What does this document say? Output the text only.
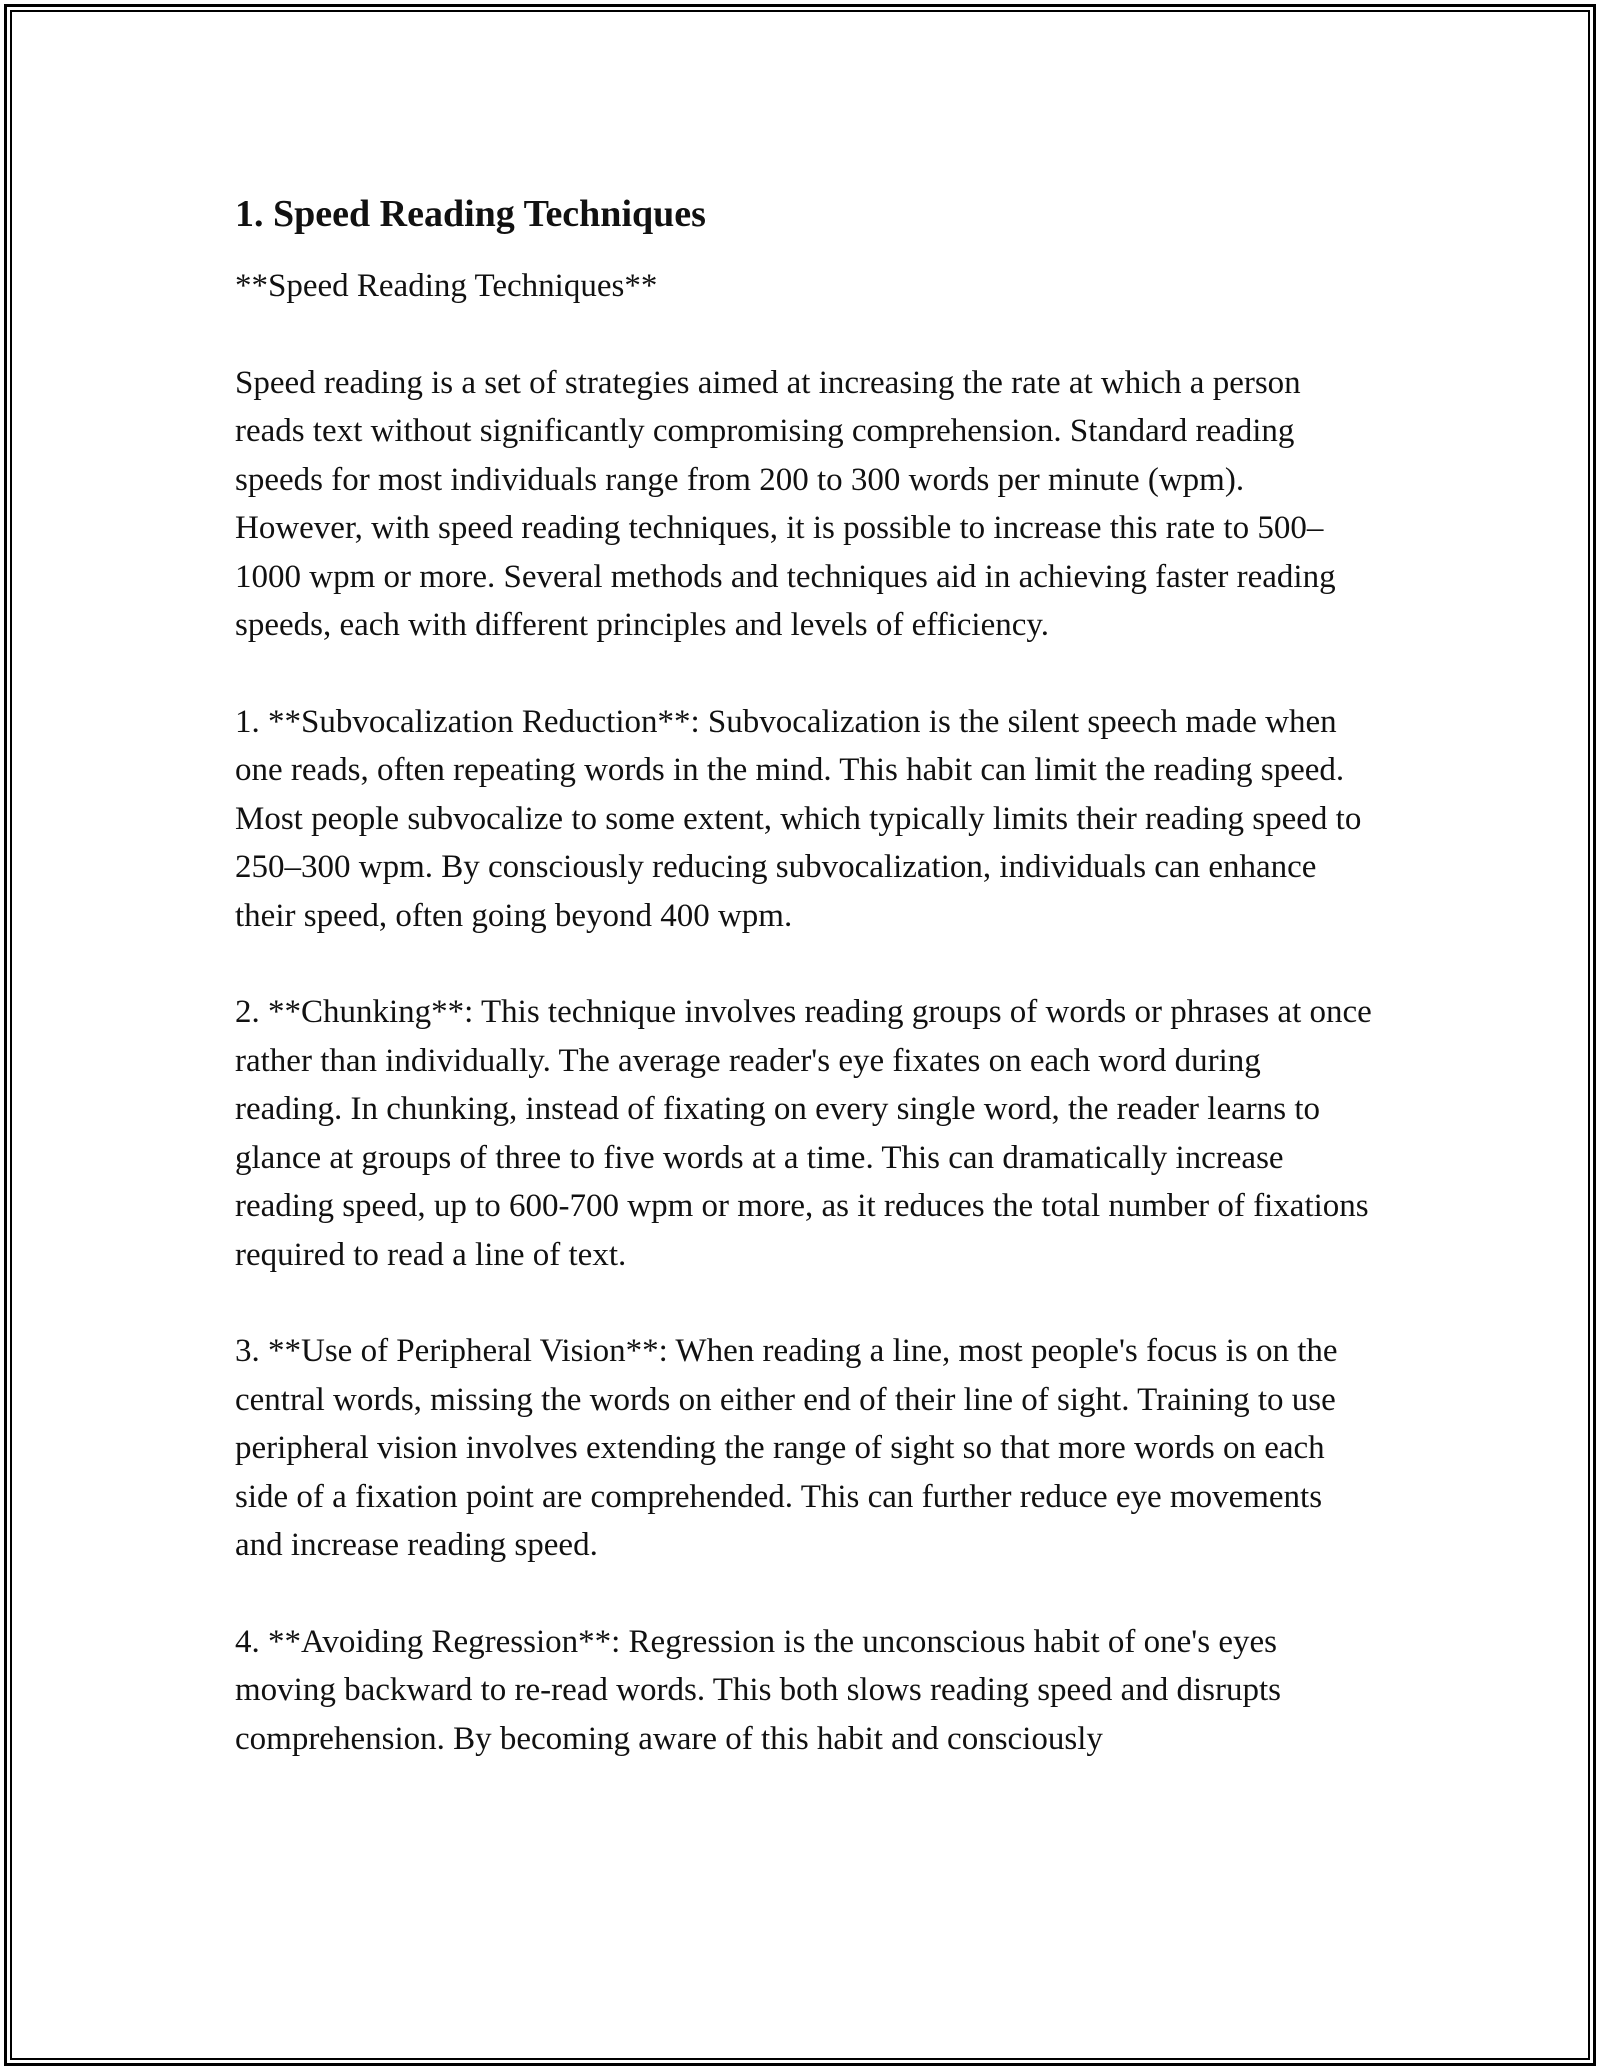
1. Speed Reading Techniques

**Speed Reading Techniques**

Speed reading is a set of strategies aimed at increasing the rate at which a person reads text without significantly compromising comprehension. Standard reading speeds for most individuals range from 200 to 300 words per minute (wpm). However, with speed reading techniques, it is possible to increase this rate to 500–1000 wpm or more. Several methods and techniques aid in achieving faster reading speeds, each with different principles and levels of efficiency.

1. **Subvocalization Reduction**: Subvocalization is the silent speech made when one reads, often repeating words in the mind. This habit can limit the reading speed. Most people subvocalize to some extent, which typically limits their reading speed to 250–300 wpm. By consciously reducing subvocalization, individuals can enhance their speed, often going beyond 400 wpm.

2. **Chunking**: This technique involves reading groups of words or phrases at once rather than individually. The average reader's eye fixates on each word during reading. In chunking, instead of fixating on every single word, the reader learns to glance at groups of three to five words at a time. This can dramatically increase reading speed, up to 600-700 wpm or more, as it reduces the total number of fixations required to read a line of text.

3. **Use of Peripheral Vision**: When reading a line, most people's focus is on the central words, missing the words on either end of their line of sight. Training to use peripheral vision involves extending the range of sight so that more words on each side of a fixation point are comprehended. This can further reduce eye movements and increase reading speed.

4. **Avoiding Regression**: Regression is the unconscious habit of one's eyes moving backward to re-read words. This both slows reading speed and disrupts comprehension. By becoming aware of this habit and consciously
